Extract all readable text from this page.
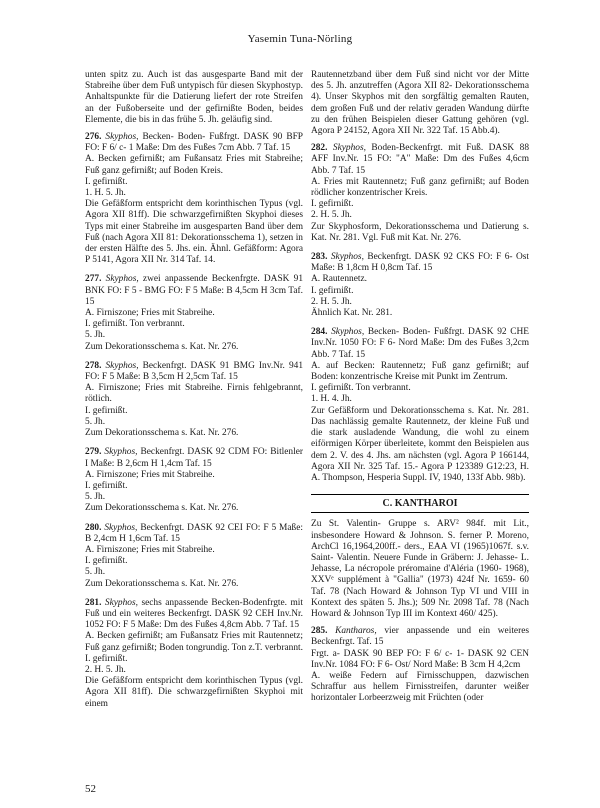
Yasemin Tuna-Nörling

unten spitz zu. Auch ist das ausgesparte Band mit der Stabreihe über dem Fuß untypisch für diesen Skyphostyp. Anhaltspunkte für die Datierung liefert der rote Streifen an der Fußoberseite und der gefirnißte Boden, beides Elemente, die bis in das frühe 5. Jh. geläufig sind.

276. Skyphos, Becken- Boden- Fußfrgt. DASK 90 BFP FO: F 6/ c- 1 Maße: Dm des Fußes 7cm Abb. 7 Taf. 15
A. Becken gefirnißt; am Fußansatz Fries mit Stabreihe; Fuß ganz gefirnißt; auf Boden Kreis.
I. gefirnißt.
1. H. 5. Jh.
Die Gefäßform entspricht dem korinthischen Typus (vgl. Agora XII 81ff). Die schwarzgefirnißten Skyphoi dieses Typs mit einer Stabreihe im ausgesparten Band über dem Fuß (nach Agora XII 81: Dekorationsschema 1), setzen in der ersten Hälfte des 5. Jhs. ein. Ähnl. Gefäßform: Agora P 5141, Agora XII Nr. 314 Taf. 14.
277. Skyphos, zwei anpassende Beckenfrgte. DASK 91 BNK FO: F 5 - BMG FO: F 5 Maße: B 4,5cm H 3cm Taf. 15
A. Firniszone; Fries mit Stabreihe.
I. gefirnißt. Ton verbrannt.
5. Jh.
Zum Dekorationsschema s. Kat. Nr. 276.
278. Skyphos, Beckenfrgt. DASK 91 BMG Inv.Nr. 941 FO: F 5 Maße: B 3,5cm H 2,5cm Taf. 15
A. Firniszone; Fries mit Stabreihe. Firnis fehlgebrannt, rötlich.
I. gefirnißt.
5. Jh.
Zum Dekorationsschema s. Kat. Nr. 276.
279. Skyphos, Beckenfrgt. DASK 92 CDM FO: Bitlenler I Maße: B 2,6cm H 1,4cm Taf. 15
A. Firniszone; Fries mit Stabreihe.
I. gefirnißt.
5. Jh.
Zum Dekorationsschema s. Kat. Nr. 276.
280. Skyphos, Beckenfrgt. DASK 92 CEI FO: F 5 Maße: B 2,4cm H 1,6cm Taf. 15
A. Firniszone; Fries mit Stabreihe.
I. gefirnißt.
5. Jh.
Zum Dekorationsschema s. Kat. Nr. 276.
281. Skyphos, sechs anpassende Becken-Bodenfrgte. mit Fuß und ein weiteres Beckenfrgt. DASK 92 CEH Inv.Nr. 1052 FO: F 5 Maße: Dm des Fußes 4,8cm Abb. 7 Taf. 15
A. Becken gefirnißt; am Fußansatz Fries mit Rautennetz; Fuß ganz gefirnißt; Boden tongrundig. Ton z.T. verbrannt.
I. gefirnißt.
2. H. 5. Jh.
Die Gefäßform entspricht dem korinthischen Typus (vgl. Agora XII 81ff). Die schwarzgefirnißten Skyphoi mit einem

Rautennetzband über dem Fuß sind nicht vor der Mitte des 5. Jh. anzutreffen (Agora XII 82- Dekorationsschema 4). Unser Skyphos mit den sorgfältig gemalten Rauten, dem großen Fuß und der relativ geraden Wandung dürfte zu den frühen Beispielen dieser Gattung gehören (vgl. Agora P 24152, Agora XII Nr. 322 Taf. 15 Abb.4).

282. Skyphos, Boden-Beckenfrgt. mit Fuß. DASK 88 AFF Inv.Nr. 15 FO: "A" Maße: Dm des Fußes 4,6cm Abb. 7 Taf. 15
A. Fries mit Rautennetz; Fuß ganz gefirnißt; auf Boden rödlicher konzentrischer Kreis.
I. gefirnißt.
2. H. 5. Jh.
Zur Skyphosform, Dekorationsschema und Datierung s. Kat. Nr. 281. Vgl. Fuß mit Kat. Nr. 276.
283. Skyphos, Beckenfrgt. DASK 92 CKS FO: F 6- Ost Maße: B 1,8cm H 0,8cm Taf. 15
A. Rautennetz.
I. gefirnißt.
2. H. 5. Jh.
Ähnlich Kat. Nr. 281.
284. Skyphos, Becken- Boden- Fußfrgt. DASK 92 CHE Inv.Nr. 1050 FO: F 6- Nord Maße: Dm des Fußes 3,2cm Abb. 7 Taf. 15
A. auf Becken: Rautennetz; Fuß ganz gefirnißt; auf Boden: konzentrische Kreise mit Punkt im Zentrum.
I. gefirnißt. Ton verbrannt.
1. H. 4. Jh.
Zur Gefäßform und Dekorationsschema s. Kat. Nr. 281. Das nachlässig gemalte Rautennetz, der kleine Fuß und die stark ausladende Wandung, die wohl zu einem eiförmigen Körper überleitete, kommt den Beispielen aus dem 2. V. des 4. Jhs. am nächsten (vgl. Agora P 166144, Agora XII Nr. 325 Taf. 15.- Agora P 123389 G12:23, H. A. Thompson, Hesperia Suppl. IV, 1940, 133f Abb. 98b).
C. KANTHAROI

Zu St. Valentin- Gruppe s. ARV² 984f. mit Lit., insbesondere Howard & Johnson. S. ferner P. Moreno, ArchCl 16,1964,200ff.- ders., EAA VI (1965)1067f. s.v. Saint- Valentin. Neuere Funde in Gräbern: J. Jehasse- L. Jehasse, La nécropole préromaine d'Aléria (1960- 1968), XXVᵉ supplément à "Gallia" (1973) 424f Nr. 1659- 60 Taf. 78 (Nach Howard & Johnson Typ VI und VIII in Kontext des späten 5. Jhs.); 509 Nr. 2098 Taf. 78 (Nach Howard & Johnson Typ III im Kontext 460/ 425).

285. Kantharos, vier anpassende und ein weiteres Beckenfrgt. Taf. 15
Frgt. a- DASK 90 BEP FO: F 6/ c- 1- DASK 92 CEN Inv.Nr. 1084 FO: F 6- Ost/ Nord Maße: B 3cm H 4,2cm
A. weiße Federn auf Firnisschuppen, dazwischen Schraffur aus hellem Firnisstreifen, darunter weißer horizontaler Lorbeerzweig mit Früchten (oder
52
